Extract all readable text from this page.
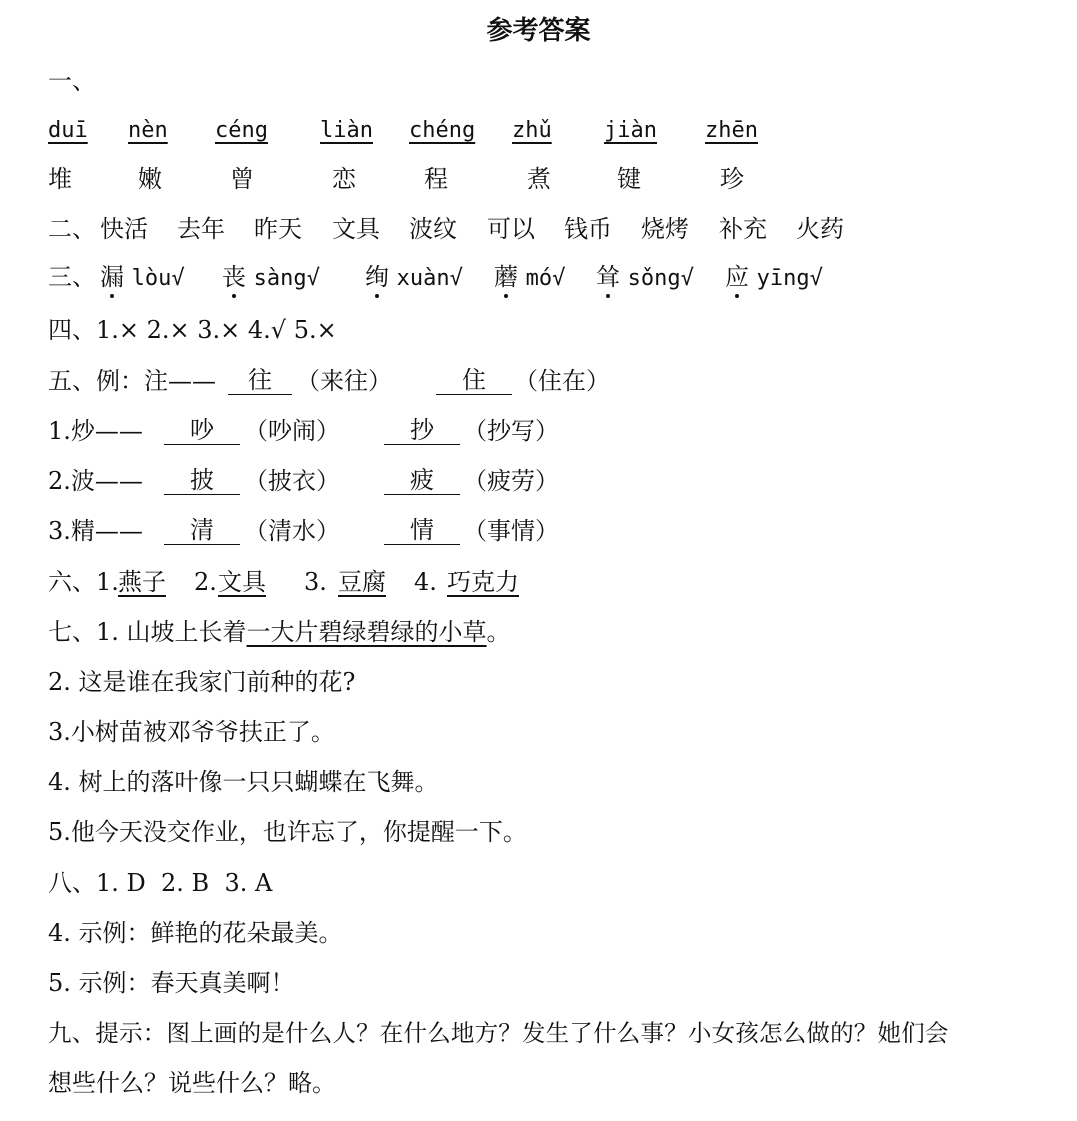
参考答案
一、
duī nèn céng liàn chéng zhǔ jiàn zhēn
堆	嫩	曾	恋	程	煮	键	珍
二、 快活 去年 昨天 文具 波纹 可以 钱币 烧烤 补充 火药
三、 漏 lòu√ 丧 sàng√ 绚 xuàn√ 蘑 mó√ 耸 sǒng√ 应 yīng√
四、1.× 2.× 3.× 4.√ 5.×
五、例：注——	往	（来往）	住	（住在）
1.炒——	吵	（吵闹）	抄	（抄写）
2.波——	披	（披衣）	疲	（疲劳）
3.精——	清	（清水）	情	（事情）
六、 1. 燕子 2. 文具 3. 豆腐 4. 巧克力
七、1. 山坡上长着一大片碧绿碧绿的小草。
2. 这是谁在我家门前种的花?
3.小树苗被邓爷爷扶正了。
4. 树上的落叶像一只只蝴蝶在飞舞。
5.他今天没交作业，也许忘了，你提醒一下。
八、1. D  2. B  3. A
4. 示例：鲜艳的花朵最美。
5. 示例：春天真美啊！
九、提示：图上画的是什么人？在什么地方？发生了什么事？小女孩怎么做的？她们会
想些什么？说些什么？略。
